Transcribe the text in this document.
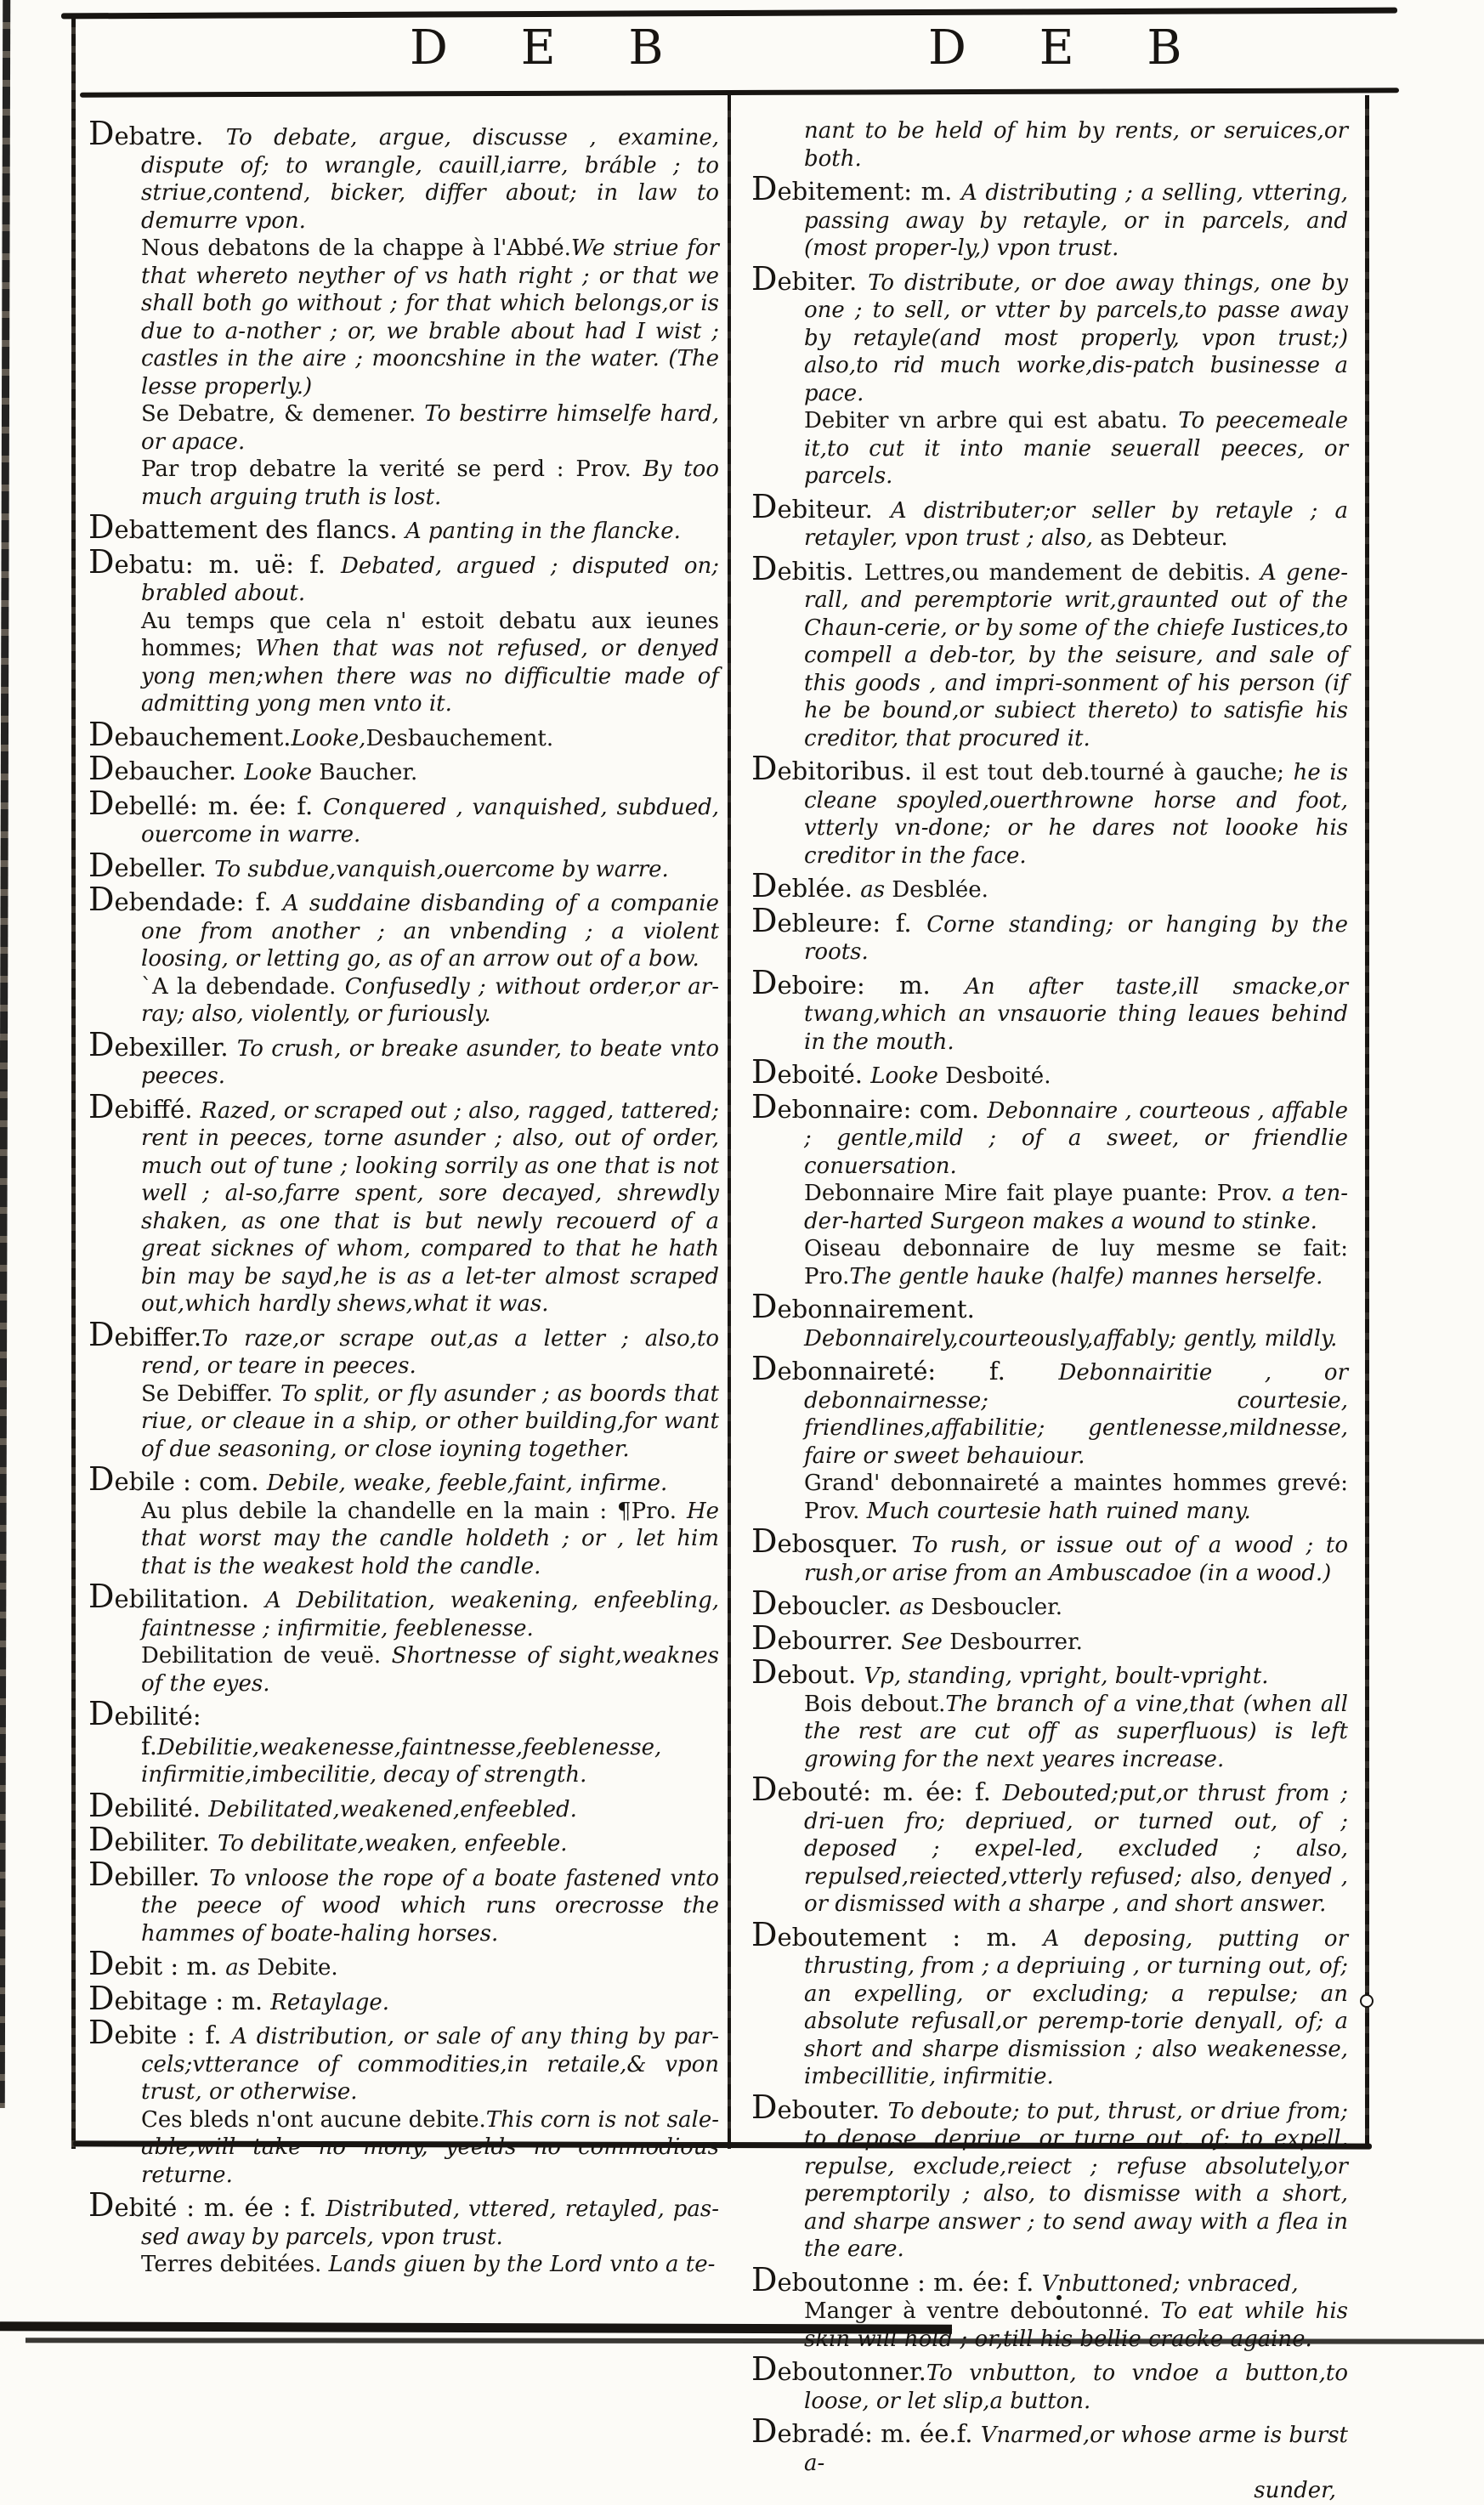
D E B	D E B

Debatre. To debate, argue, discusse , examine, dispute of; to wrangle, cauill,iarre, bráble ; to striue,contend, bicker, differ about; in law to demurre vpon.

Nous debatons de la chappe à l'Abbé.We striue for that whereto neyther of vs hath right ; or that we shall both go without ; for that which belongs,or is due to a-nother ; or, we brable about had I wist ; castles in the aire ; mooncshine in the water. (The lesse properly.)

Se Debatre, & demener. To bestirre himselfe hard, or apace.

Par trop debatre la verité se perd : Prov. By too much arguing truth is lost.

Debattement des flancs. A panting in the flancke.

Debatu: m. uë: f. Debated, argued ; disputed on; brabled about.

Au temps que cela n' estoit debatu aux ieunes hommes; When that was not refused, or denyed yong men;when there was no difficultie made of admitting yong men vnto it.

Debauchement.Looke,Desbauchement.

Debaucher. Looke Baucher.

Debellé: m. ée: f. Conquered , vanquished, subdued, ouercome in warre.

Debeller. To subdue,vanquish,ouercome by warre.

Debendade: f. A suddaine disbanding of a companie one from another ; an vnbending ; a violent loosing, or letting go, as of an arrow out of a bow.

`A la debendade. Confusedly ; without order,or ar-ray; also, violently, or furiously.

Debexiller. To crush, or breake asunder, to beate vnto peeces.

Debiffé. Razed, or scraped out ; also, ragged, tattered; rent in peeces, torne asunder ; also, out of order, much out of tune ; looking sorrily as one that is not well ; al-so,farre spent, sore decayed, shrewdly shaken, as one that is but newly recouerd of a great sicknes of whom, compared to that he hath bin may be sayd,he is as a let-ter almost scraped out,which hardly shews,what it was.

Debiffer.To raze,or scrape out,as a letter ; also,to rend, or teare in peeces.

Se Debiffer. To split, or fly asunder ; as boords that riue, or cleaue in a ship, or other building,for want of due seasoning, or close ioyning together.

Debile : com. Debile, weake, feeble,faint, infirme.

Au plus debile la chandelle en la main : ¶Pro. He that worst may the candle holdeth ; or , let him that is the weakest hold the candle.

Debilitation. A Debilitation, weakening, enfeebling, faintnesse ; infirmitie, feeblenesse.

Debilitation de veuë. Shortnesse of sight,weaknes of the eyes.

Debilité: f.Debilitie,weakenesse,faintnesse,feeblenesse, infirmitie,imbecilitie, decay of strength.

Debilité. Debilitated,weakened,enfeebled.

Debiliter. To debilitate,weaken, enfeeble.

Debiller. To vnloose the rope of a boate fastened vnto the peece of wood which runs orecrosse the hammes of boate-haling horses.

Debit : m. as Debite.

Debitage : m. Retaylage.

Debite : f. A distribution, or sale of any thing by par-cels;vtterance of commodities,in retaile,& vpon trust, or otherwise.

Ces bleds n'ont aucune debite.This corn is not sale-able,will take no mony, yeelds no commodious returne.

Debité : m. ée : f. Distributed, vttered, retayled, pas-sed away by parcels, vpon trust.

Terres debitées. Lands giuen by the Lord vnto a te-

nant to be held of him by rents, or seruices,or both.

Debitement: m. A distributing ; a selling, vttering, passing away by retayle, or in parcels, and (most proper-ly,) vpon trust.

Debiter. To distribute, or doe away things, one by one ; to sell, or vtter by parcels,to passe away by retayle(and most properly, vpon trust;) also,to rid much worke,dis-patch businesse a pace.

Debiter vn arbre qui est abatu. To peecemeale it,to cut it into manie seuerall peeces, or parcels.

Debiteur. A distributer;or seller by retayle ; a retayler, vpon trust ; also, as Debteur.

Debitis. Lettres,ou mandement de debitis. A gene-rall, and peremptorie writ,graunted out of the Chaun-cerie, or by some of the chiefe Iustices,to compell a deb-tor, by the seisure, and sale of this goods , and impri-sonment of his person (if he be bound,or subiect thereto) to satisfie his creditor, that procured it.

Debitoribus. il est tout deb.tourné à gauche; he is cleane spoyled,ouerthrowne horse and foot, vtterly vn-done; or he dares not loooke his creditor in the face.

Deblée. as Desblée.

Debleure: f. Corne standing; or hanging by the roots.

Deboire: m. An after taste,ill smacke,or twang,which an vnsauorie thing leaues behind in the mouth.

Deboité. Looke Desboité.

Debonnaire: com. Debonnaire , courteous , affable ; gentle,mild ; of a sweet, or friendlie conuersation.

Debonnaire Mire fait playe puante: Prov. a ten-der-harted Surgeon makes a wound to stinke.

Oiseau debonnaire de luy mesme se fait: Pro.The gentle hauke (halfe) mannes herselfe.

Debonnairement. Debonnairely,courteously,affably; gently, mildly.

Debonnaireté: f. Debonnairitie , or debonnairnesse; courtesie, friendlines,affabilitie; gentlenesse,mildnesse, faire or sweet behauiour.

Grand' debonnaireté a maintes hommes grevé: Prov. Much courtesie hath ruined many.

Debosquer. To rush, or issue out of a wood ; to rush,or arise from an Ambuscadoe (in a wood.)

Deboucler. as Desboucler.

Debourrer. See Desbourrer.

Debout. Vp, standing, vpright, boult-vpright.

Bois debout.The branch of a vine,that (when all the rest are cut off as superfluous) is left growing for the next yeares increase.

Debouté: m. ée: f. Debouted;put,or thrust from ; dri-uen fro; depriued, or turned out, of ; deposed ; expel-led, excluded ; also, repulsed,reiected,vtterly refused; also, denyed , or dismissed with a sharpe , and short answer.

Deboutement : m. A deposing, putting or thrusting, from ; a depriuing , or turning out, of; an expelling, or excluding; a repulse; an absolute refusall,or peremp-torie denyall, of; a short and sharpe dismission ; also weakenesse, imbecillitie, infirmitie.

Debouter. To deboute; to put, thrust, or driue from; to depose, depriue, or turne out, of; to expell, repulse, exclude,reiect ; refuse absolutely,or peremptorily ; also, to dismisse with a short, and sharpe answer ; to send away with a flea in the eare.

Deboutonne : m. ée: f. Vnbuttoned; vnbraced,

Manger à ventre deboutonné. To eat while his skin will hold ; or,till his bellie cracke againe.

Deboutonner.To vnbutton, to vndoe a button,to loose, or let slip,a button.

Debradé: m. ée.f. Vnarmed,or whose arme is burst a-

sunder,
